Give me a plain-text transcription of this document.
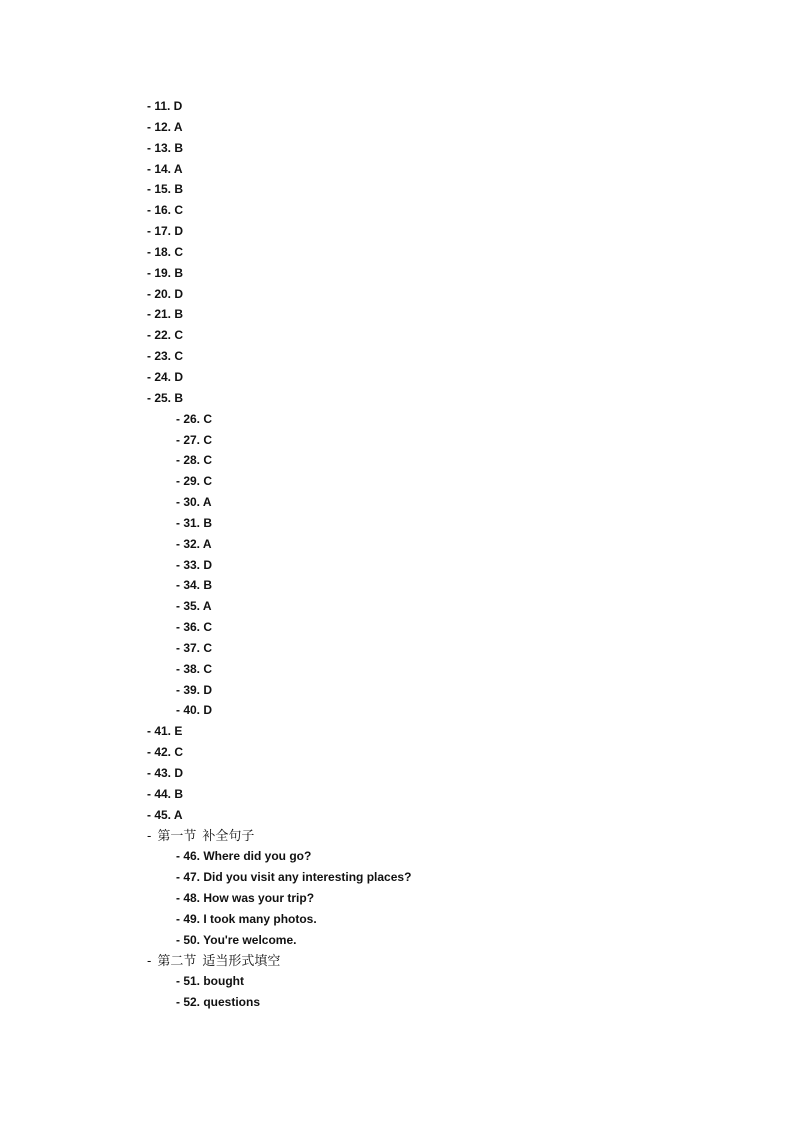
- 11. D
- 12. A
- 13. B
- 14. A
- 15. B
- 16. C
- 17. D
- 18. C
- 19. B
- 20. D
- 21. B
- 22. C
- 23. C
- 24. D
- 25. B
- 26. C
- 27. C
- 28. C
- 29. C
- 30. A
- 31. B
- 32. A
- 33. D
- 34. B
- 35. A
- 36. C
- 37. C
- 38. C
- 39. D
- 40. D
- 41. E
- 42. C
- 43. D
- 44. B
- 45. A
- 第一节 补全句子
- 46. Where did you go?
- 47. Did you visit any interesting places?
- 48. How was your trip?
- 49. I took many photos.
- 50. You're welcome.
- 第二节 适当形式填空
- 51. bought
- 52. questions
